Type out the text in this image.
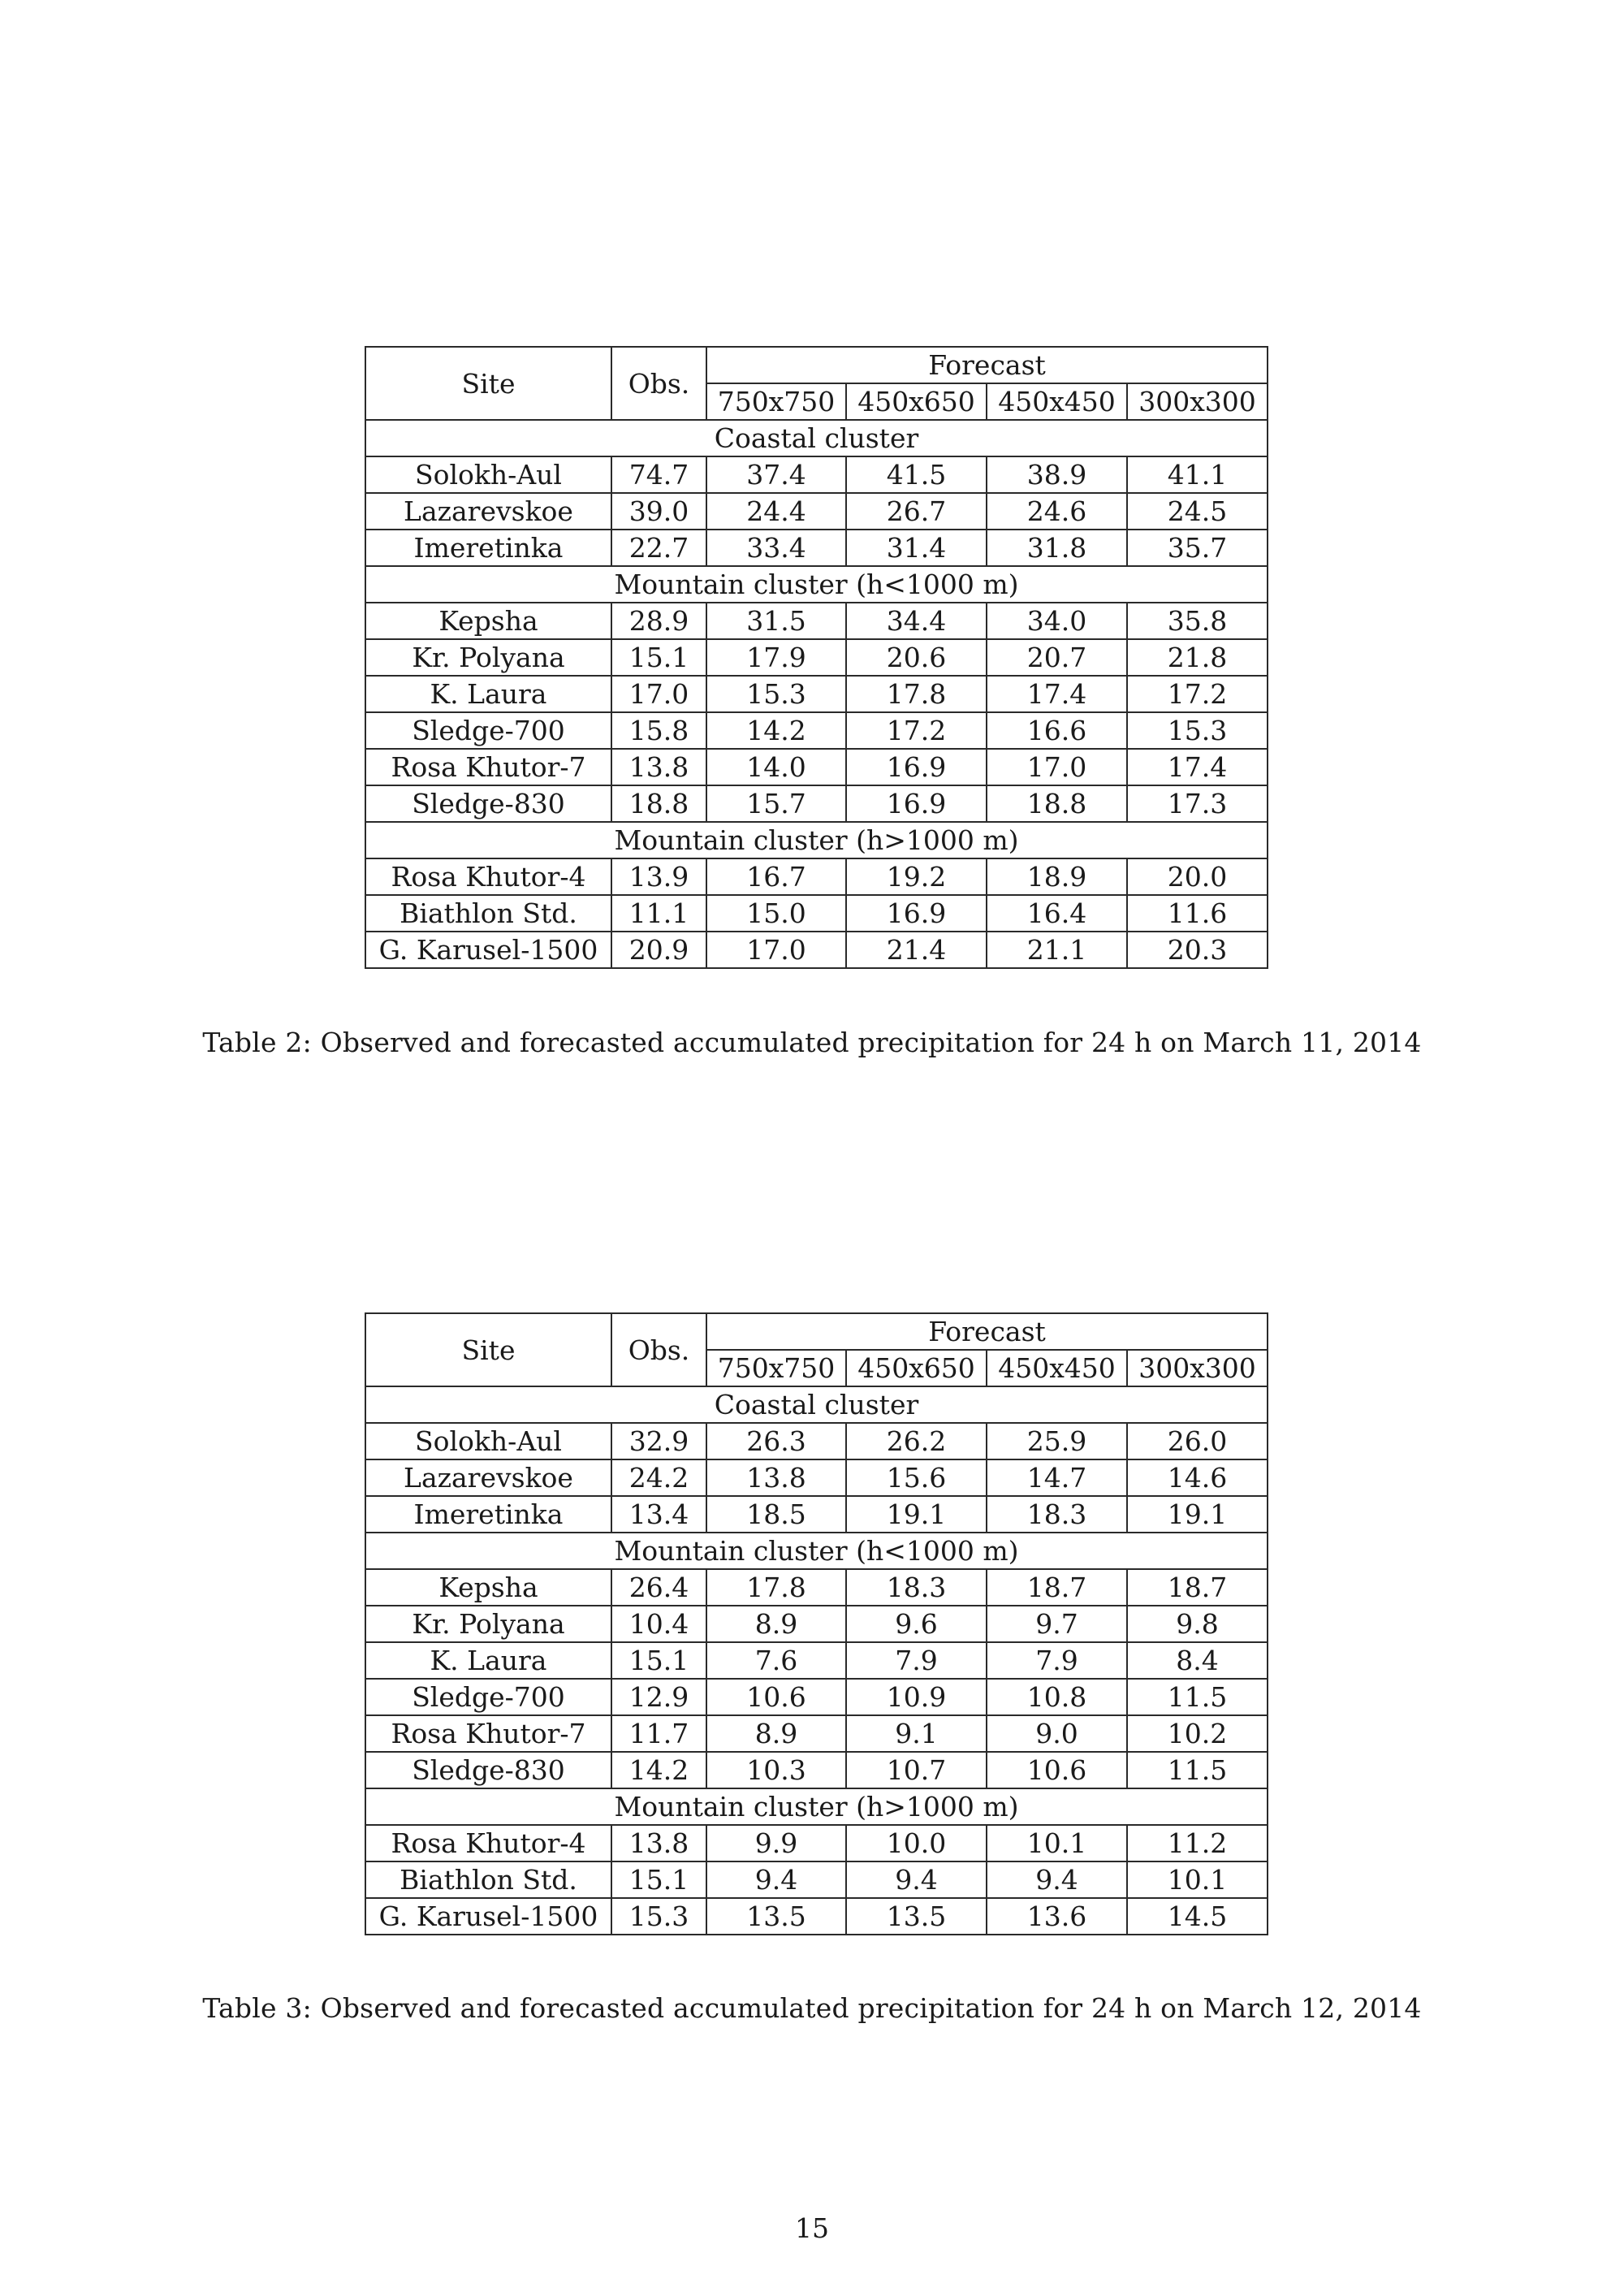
Site	Obs.	Forecast			
		750x750	450x650	450x450	300x300
Coastal cluster					
Solokh-Aul	74.7	37.4	41.5	38.9	41.1
Lazarevskoe	39.0	24.4	26.7	24.6	24.5
Imeretinka	22.7	33.4	31.4	31.8	35.7
Mountain cluster (h<1000 m)					
Kepsha	28.9	31.5	34.4	34.0	35.8
Kr. Polyana	15.1	17.9	20.6	20.7	21.8
K. Laura	17.0	15.3	17.8	17.4	17.2
Sledge-700	15.8	14.2	17.2	16.6	15.3
Rosa Khutor-7	13.8	14.0	16.9	17.0	17.4
Sledge-830	18.8	15.7	16.9	18.8	17.3
Mountain cluster (h>1000 m)					
Rosa Khutor-4	13.9	16.7	19.2	18.9	20.0
Biathlon Std.	11.1	15.0	16.9	16.4	11.6
G. Karusel-1500	20.9	17.0	21.4	21.1	20.3
Table 2: Observed and forecasted accumulated precipitation for 24 h on March 11, 2014
Site	Obs.	Forecast			
		750x750	450x650	450x450	300x300
Coastal cluster					
Solokh-Aul	32.9	26.3	26.2	25.9	26.0
Lazarevskoe	24.2	13.8	15.6	14.7	14.6
Imeretinka	13.4	18.5	19.1	18.3	19.1
Mountain cluster (h<1000 m)					
Kepsha	26.4	17.8	18.3	18.7	18.7
Kr. Polyana	10.4	8.9	9.6	9.7	9.8
K. Laura	15.1	7.6	7.9	7.9	8.4
Sledge-700	12.9	10.6	10.9	10.8	11.5
Rosa Khutor-7	11.7	8.9	9.1	9.0	10.2
Sledge-830	14.2	10.3	10.7	10.6	11.5
Mountain cluster (h>1000 m)					
Rosa Khutor-4	13.8	9.9	10.0	10.1	11.2
Biathlon Std.	15.1	9.4	9.4	9.4	10.1
G. Karusel-1500	15.3	13.5	13.5	13.6	14.5
Table 3: Observed and forecasted accumulated precipitation for 24 h on March 12, 2014
15
